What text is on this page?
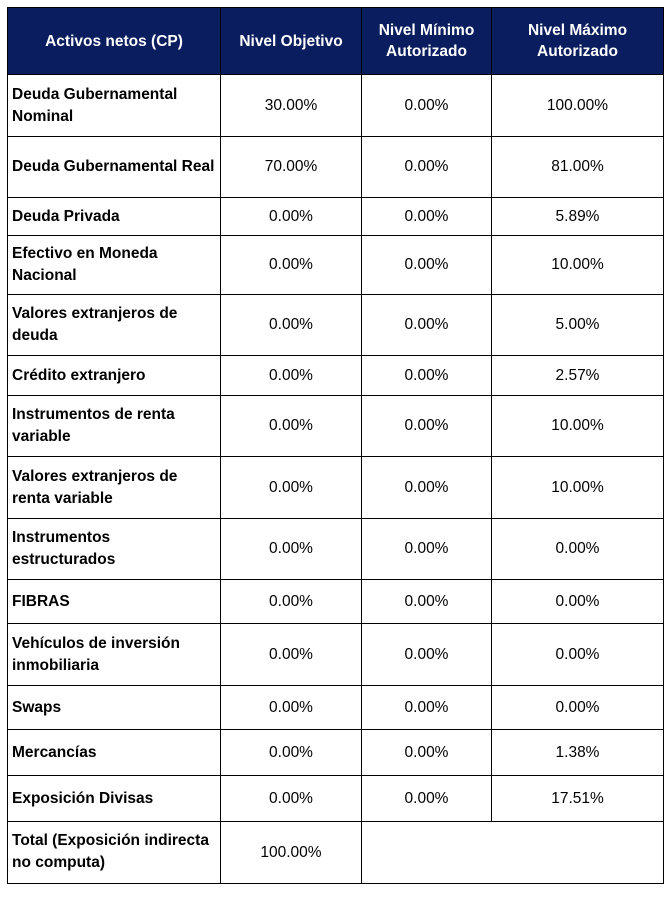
Activos netos (CP)	Nivel Objetivo	Nivel Mínimo Autorizado	Nivel Máximo Autorizado
Deuda Gubernamental Nominal	30.00%	0.00%	100.00%
Deuda Gubernamental Real	70.00%	0.00%	81.00%
Deuda Privada	0.00%	0.00%	5.89%
Efectivo en Moneda Nacional	0.00%	0.00%	10.00%
Valores extranjeros de deuda	0.00%	0.00%	5.00%
Crédito extranjero	0.00%	0.00%	2.57%
Instrumentos de renta variable	0.00%	0.00%	10.00%
Valores extranjeros de renta variable	0.00%	0.00%	10.00%
Instrumentos estructurados	0.00%	0.00%	0.00%
FIBRAS	0.00%	0.00%	0.00%
Vehículos de inversión inmobiliaria	0.00%	0.00%	0.00%
Swaps	0.00%	0.00%	0.00%
Mercancías	0.00%	0.00%	1.38%
Exposición Divisas	0.00%	0.00%	17.51%
Total (Exposición indirecta no computa)	100.00%		
